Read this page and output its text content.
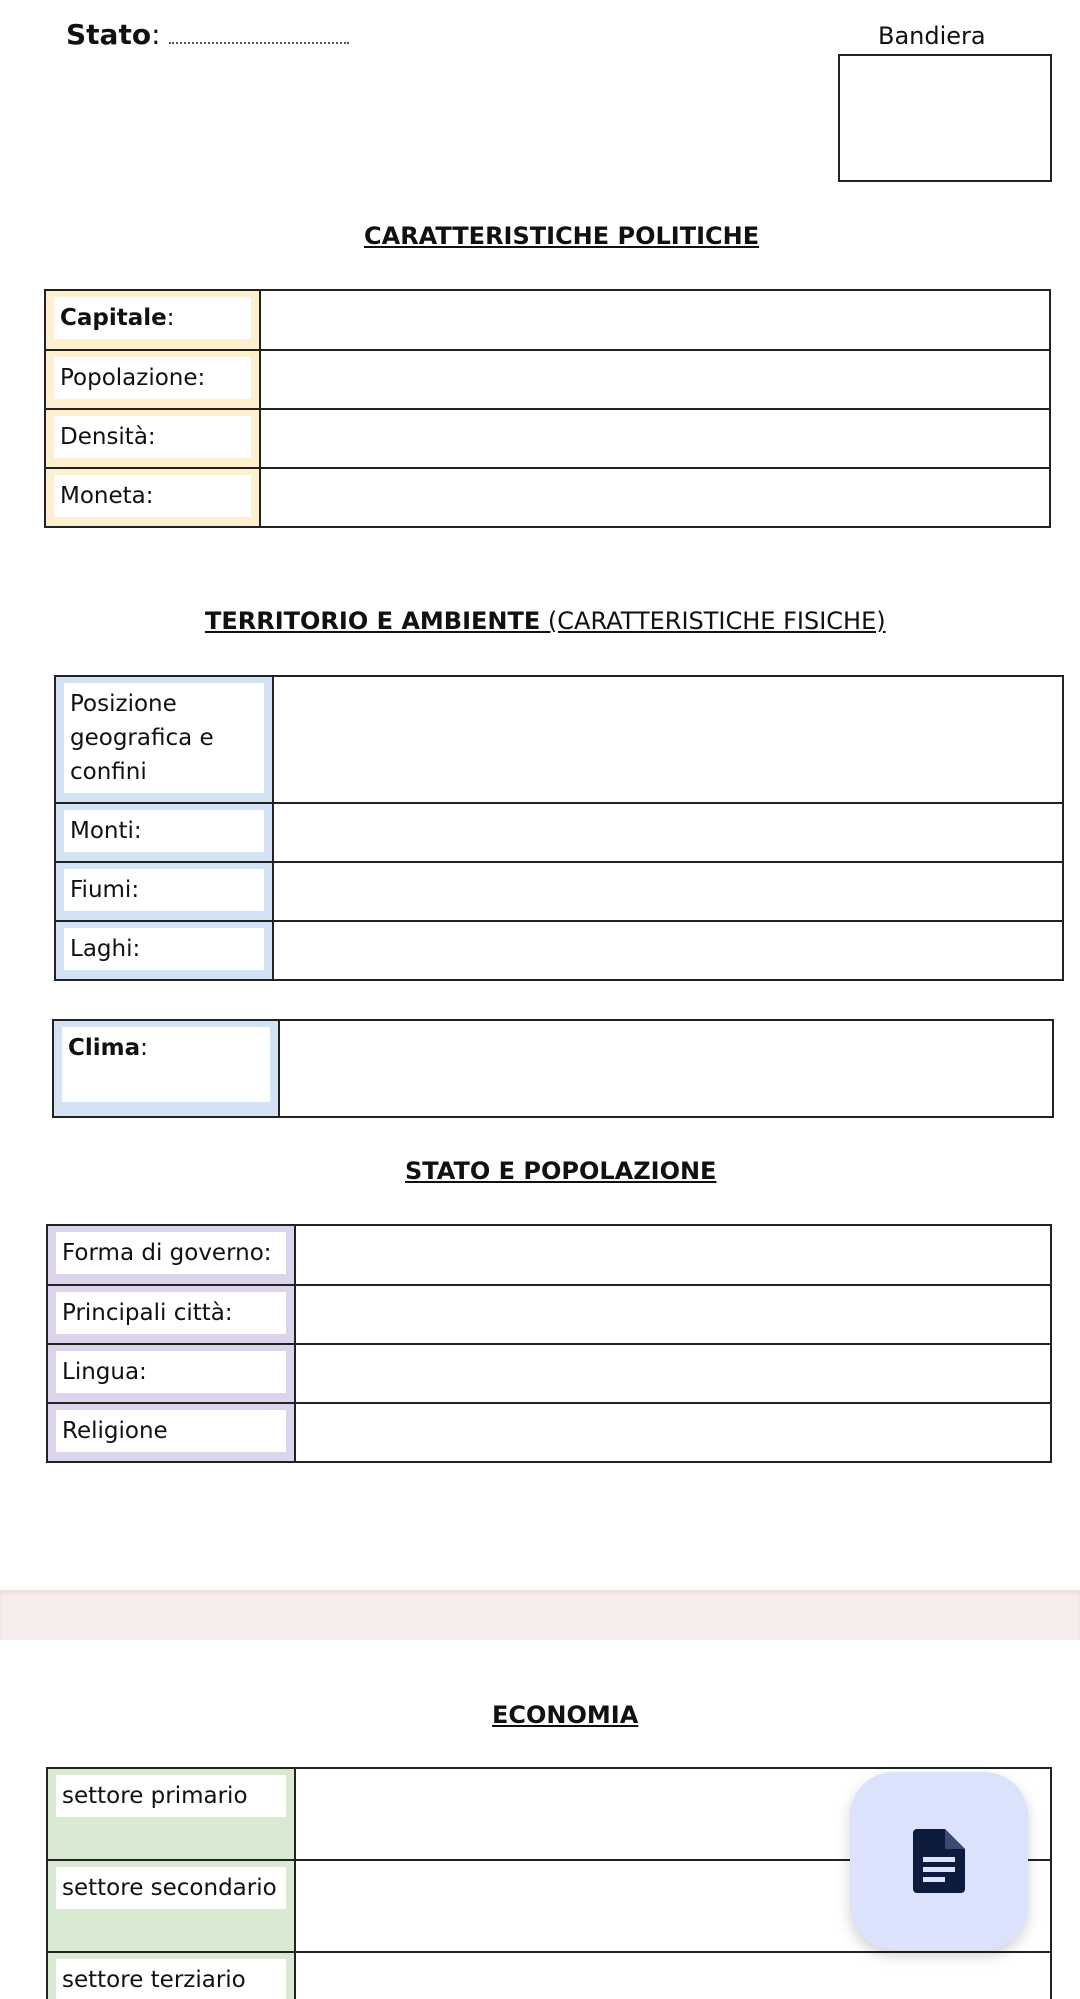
Stato:	Bandiera
CARATTERISTICHE POLITICHE
Capitale:	

Popolazione:	

Densità:	

Moneta:	

TERRITORIO E AMBIENTE (CARATTERISTICHE FISICHE)
Posizione geografica e confini	

Monti:	

Fiumi:	

Laghi:	

Clima:

STATO E POPOLAZIONE
Forma di governo:	

Principali città:	

Lingua:	

Religione	

ECONOMIA
settore primario	

settore secondario	

settore terziario	
